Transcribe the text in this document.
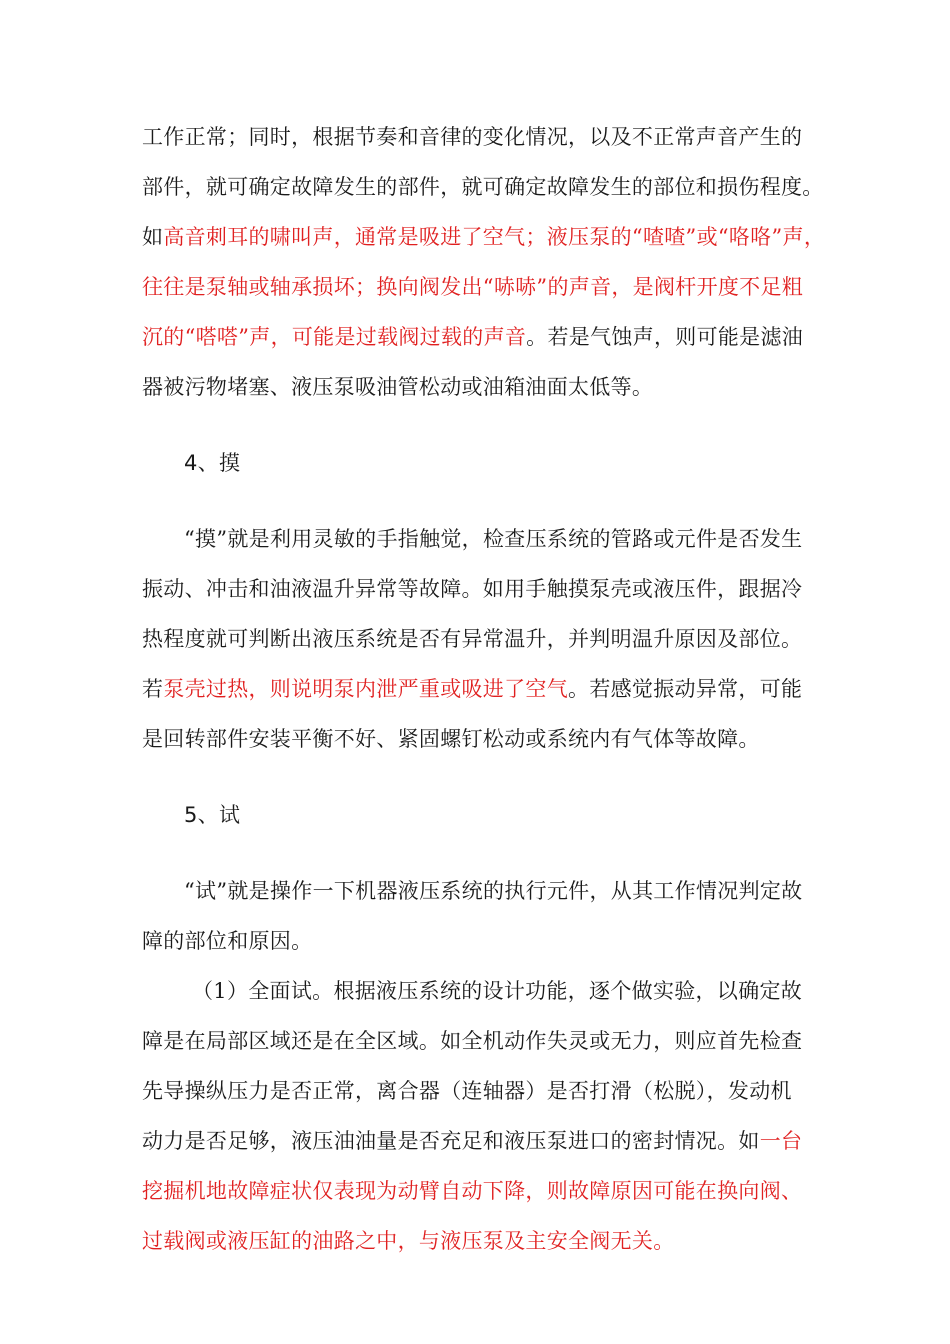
工作正常；同时，根据节奏和音律的变化情况，以及不正常声音产生的
部件，就可确定故障发生的部件，就可确定故障发生的部位和损伤程度。
如高音刺耳的啸叫声，通常是吸进了空气；液压泵的“喳喳”或“咯咯”声，
往往是泵轴或轴承损坏；换向阀发出“哧哧”的声音，是阀杆开度不足粗
沉的“嗒嗒”声，可能是过载阀过载的声音。若是气蚀声，则可能是滤油
器被污物堵塞、液压泵吸油管松动或油箱油面太低等。
4、摸
“摸”就是利用灵敏的手指触觉，检查压系统的管路或元件是否发生
振动、冲击和油液温升异常等故障。如用手触摸泵壳或液压件，跟据冷
热程度就可判断出液压系统是否有异常温升，并判明温升原因及部位。
若泵壳过热，则说明泵内泄严重或吸进了空气。若感觉振动异常，可能
是回转部件安装平衡不好、紧固螺钉松动或系统内有气体等故障。
5、试
“试”就是操作一下机器液压系统的执行元件，从其工作情况判定故
障的部位和原因。
（1）全面试。根据液压系统的设计功能，逐个做实验，以确定故
障是在局部区域还是在全区域。如全机动作失灵或无力，则应首先检查
先导操纵压力是否正常，离合器（连轴器）是否打滑（松脱），发动机
动力是否足够，液压油油量是否充足和液压泵进口的密封情况。如一台
挖掘机地故障症状仅表现为动臂自动下降，则故障原因可能在换向阀、
过载阀或液压缸的油路之中，与液压泵及主安全阀无关。
